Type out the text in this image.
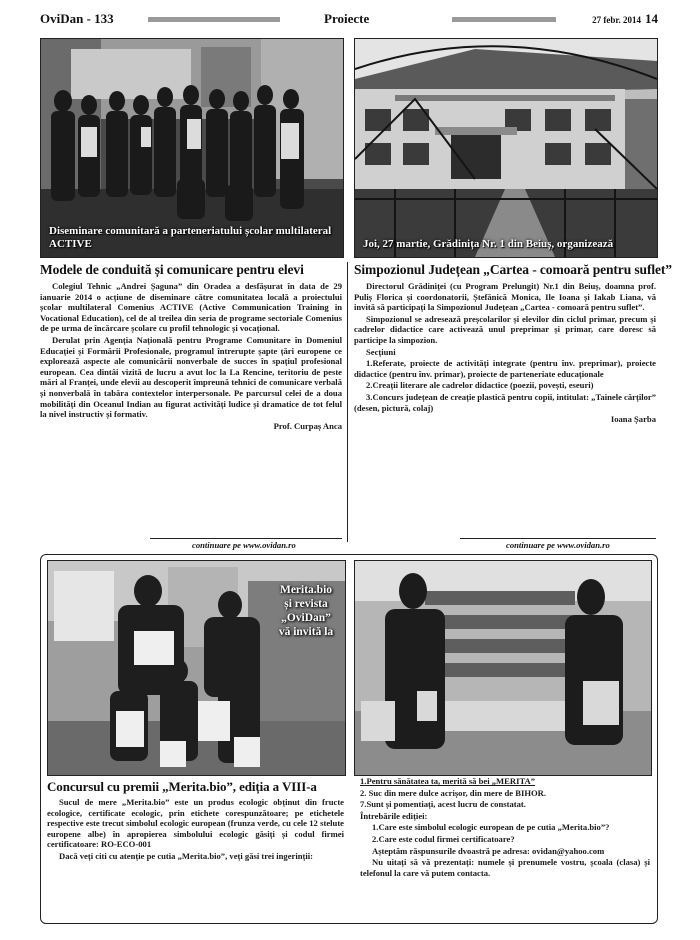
OviDan - 133	Proiecte	27 febr. 2014 14
Diseminare comunitară a parteneriatului școlar multilateral ACTIVE	Joi, 27 martie, Grădinița Nr. 1 din Beiuș, organizează
Modele de conduită și comunicare pentru elevi

Colegiul Tehnic „Andrei Șaguna” din Oradea a desfășurat în data de 29 ianuarie 2014 o acțiune de diseminare către comunitatea locală a proiectului școlar multilateral Comenius ACTIVE (Active Communication Training in Vocational Education), cel de al treilea din seria de programe sectoriale Comenius de pe urma de încărcare școlare cu profil tehnologic și vocațional.

Derulat prin Agenția Națională pentru Programe Comunitare în Domeniul Educației și Formării Profesionale, programul întrerupte șapte țări europene ce explorează aspecte ale comunicării nonverbale de succes în spațiul profesional european. Cea dintâi vizită de lucru a avut loc la La Rencine, teritoriu de peste mări al Franței, unde elevii au descoperit împreună tehnici de comunicare verbală și nonverbală în tabăra contextelor interpersonale. Pe parcursul celei de a doua mobilități din Oceanul Indian au figurat activități ludice și dramatice de tot felul la nivel instructiv și formativ.

Prof. Curpaș Anca
continuare pe www.ovidan.ro
Simpozionul Județean „Cartea - comoară pentru suflet”

Directorul Grădiniței (cu Program Prelungit) Nr.1 din Beiuș, doamna prof. Puliș Florica și coordonatorii, Ștefănică Monica, Ile Ioana și Iakab Liana, vă invită să participați la Simpozionul Județean „Cartea - comoară pentru suflet”.

Simpozionul se adresează preșcolarilor și elevilor din ciclul primar, precum și cadrelor didactice care activează unul preprimar și primar, care doresc să participe la simpozion.

Secțiuni

1.Referate, proiecte de activități integrate (pentru înv. preprimar), proiecte didactice (pentru înv. primar), proiecte de parteneriate educaționale

2.Creații literare ale cadrelor didactice (poezii, povești, eseuri)

3.Concurs județean de creație plastică pentru copii, intitulat: „Tainele cărților” (desen, pictură, colaj)

Ioana Șarba
continuare pe www.ovidan.ro
Merita.bio
și revista
„OviDan”
vă invită la
Concursul cu premii „Merita.bio”, ediția a VIII-a

Sucul de mere „Merita.bio” este un produs ecologic obținut din fructe ecologice, certificate ecologic, prin etichete corespunzătoare; pe etichetele respective este trecut simbolul ecologic european (frunza verde, cu cele 12 stelute europene albe) în apropierea simbolului ecologic găsiți și codul firmei certificatoare: RO-ECO-001

Dacă veți citi cu atenție pe cutia „Merita.bio”, veți găsi trei ingerinții:

1.Pentru sănătatea ta, merită să bei „MERITA”

2. Suc din mere dulce acrișor, din mere de BIHOR.

7.Sunt și pomentiați, acest lucru de constatat.

Întrebările ediției:

1.Care este simbolul ecologic european de pe cutia „Merita.bio”?

2.Care este codul firmei certificatoare?

Așteptăm răspunsurile dvoastră pe adresa: ovidan@yahoo.com

Nu uitați să vă prezentați: numele și prenumele vostru, școala (clasa) și telefonul la care vă putem contacta.
